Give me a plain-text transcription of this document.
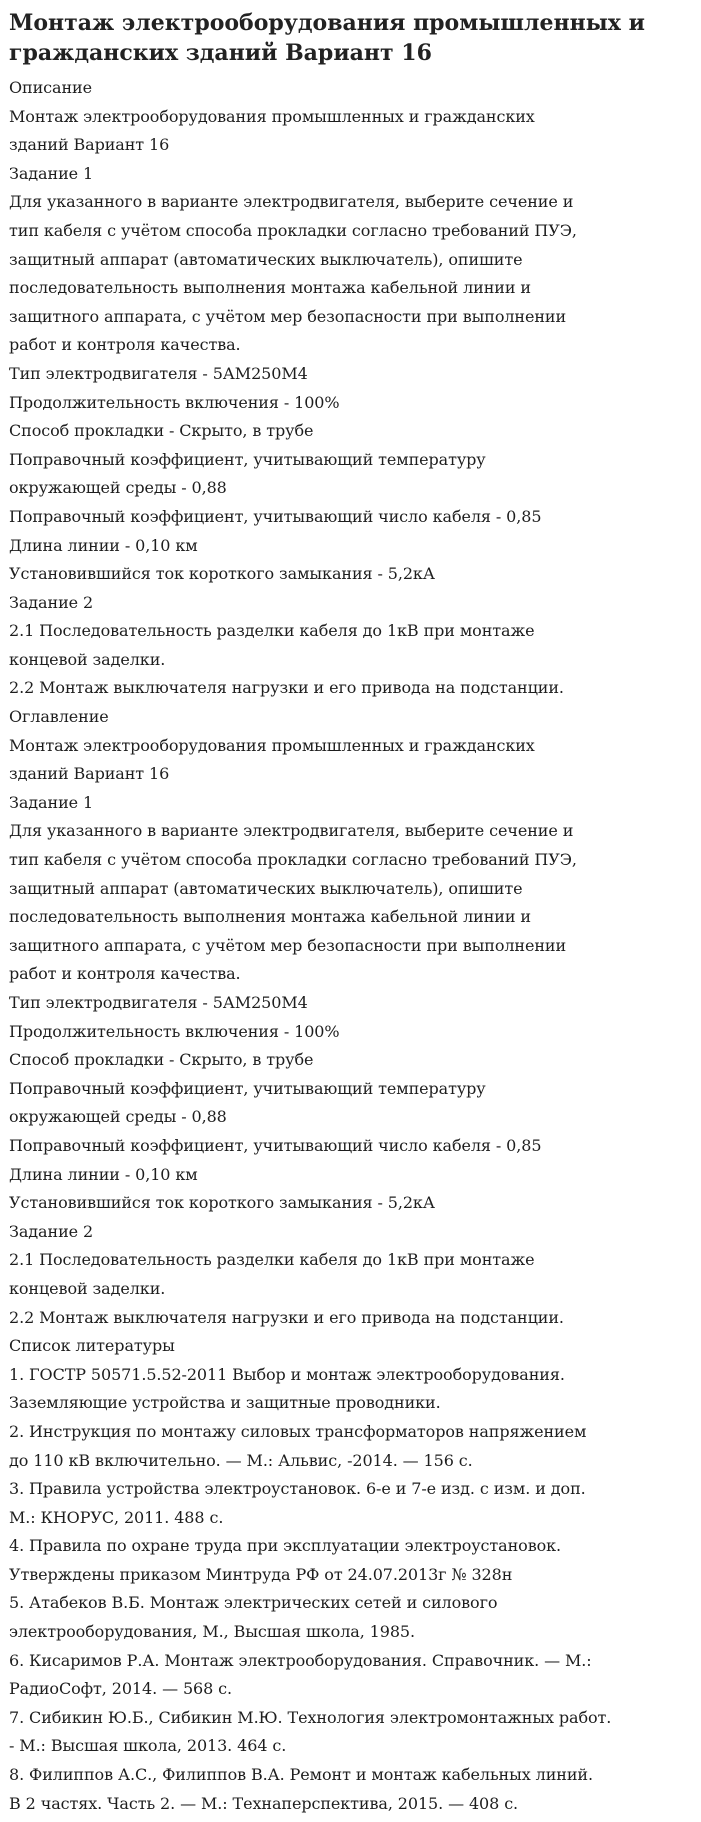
Монтаж электрооборудования промышленных и
гражданских зданий Вариант 16

Описание

Монтаж электрооборудования промышленных и гражданских

зданий Вариант 16

Задание 1

Для указанного в варианте электродвигателя, выберите сечение и

тип кабеля с учётом способа прокладки согласно требований ПУЭ,

защитный аппарат (автоматических выключатель), опишите

последовательность выполнения монтажа кабельной линии и

защитного аппарата, с учётом мер безопасности при выполнении

работ и контроля качества.

Тип электродвигателя - 5АМ250М4

Продолжительность включения - 100%

Способ прокладки - Скрыто, в трубе

Поправочный коэффициент, учитывающий температуру

окружающей среды - 0,88

Поправочный коэффициент, учитывающий число кабеля - 0,85

Длина линии - 0,10 км

Установившийся ток короткого замыкания - 5,2кА

Задание 2

2.1 Последовательность разделки кабеля до 1кВ при монтаже

концевой заделки.

2.2 Монтаж выключателя нагрузки и его привода на подстанции.

Оглавление

Монтаж электрооборудования промышленных и гражданских

зданий Вариант 16

Задание 1

Для указанного в варианте электродвигателя, выберите сечение и

тип кабеля с учётом способа прокладки согласно требований ПУЭ,

защитный аппарат (автоматических выключатель), опишите

последовательность выполнения монтажа кабельной линии и

защитного аппарата, с учётом мер безопасности при выполнении

работ и контроля качества.

Тип электродвигателя - 5АМ250М4

Продолжительность включения - 100%

Способ прокладки - Скрыто, в трубе

Поправочный коэффициент, учитывающий температуру

окружающей среды - 0,88

Поправочный коэффициент, учитывающий число кабеля - 0,85

Длина линии - 0,10 км

Установившийся ток короткого замыкания - 5,2кА

Задание 2

2.1 Последовательность разделки кабеля до 1кВ при монтаже

концевой заделки.

2.2 Монтаж выключателя нагрузки и его привода на подстанции.

Список литературы

1. ГОСТР 50571.5.52-2011 Выбор и монтаж электрооборудования.

Заземляющие устройства и защитные проводники.

2. Инструкция по монтажу силовых трансформаторов напряжением

до 110 кВ включительно. — М.: Альвис, -2014. — 156 с.

3. Правила устройства электроустановок. 6-е и 7-е изд. с изм. и доп.

М.: КНОРУС, 2011. 488 с.

4. Правила по охране труда при эксплуатации электроустановок.

Утверждены приказом Минтруда РФ от 24.07.2013г № 328н

5. Атабеков В.Б. Монтаж электрических сетей и силового

электрооборудования, М., Высшая школа, 1985.

6. Кисаримов Р.А. Монтаж электрооборудования. Справочник. — М.:

РадиоСофт, 2014. — 568 с.

7. Сибикин Ю.Б., Сибикин М.Ю. Технология электромонтажных работ.

- М.: Высшая школа, 2013. 464 с.

8. Филиппов А.С., Филиппов В.А. Ремонт и монтаж кабельных линий.

В 2 частях. Часть 2. — М.: Технаперспектива, 2015. — 408 с.
